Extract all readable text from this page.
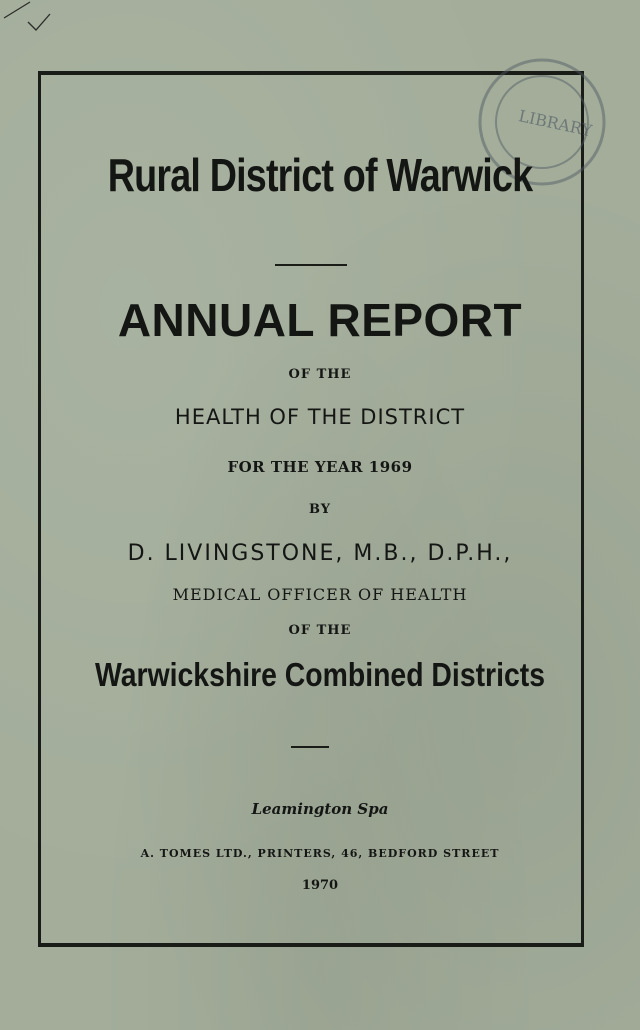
LIBRARY
Rural District of Warwick
ANNUAL REPORT
OF THE
HEALTH OF THE DISTRICT
FOR THE YEAR 1969
BY
D. LIVINGSTONE, M.B., D.P.H.,
MEDICAL OFFICER OF HEALTH
OF THE
Warwickshire Combined Districts
Leamington Spa
A. TOMES LTD., PRINTERS, 46, BEDFORD STREET
1970
